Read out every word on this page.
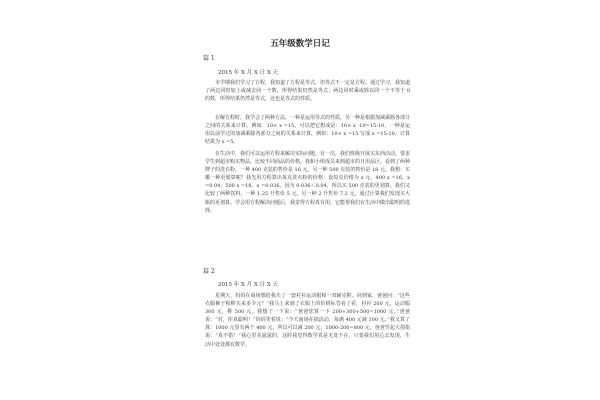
五年级数学日记
篇 1
2015 年 X 月 X 日 X 天

本学期我们学习了方程，我知道了方程是等式，但等式不一定是方程。通过学习，我知道了两边同时加上或减去同一个数，所得结果仍然是等式；两边同时乘或除以同一个不等于 0 的数，所得结果仍然是等式，这也是等式的性质。

在解方程时，我学会了两种方法，一种是运用等式的性质，另一种是根据加减乘除各部分之间的关系来计算。例如：10× x =15，可以把它想成是：10× x -10=15-10，一种是运用以前学过的加减乘除各部分之间的关系来计算，例如：10× x =15 写成 x =15-10，计算结果为 x =5。

在生活中，我们可以运用方程来解决实际问题。有一次，我们班级开展买东西活动，要求学生到超市购买物品，比较不同商品的价格。我和小组成员来到超市的日用品区，看到了两种牌子的洗衣粉，一种 400 克装的售价是 16 元，另一种 500 克装的售价是 18 元。我想：买哪一种更划算呢？我先用方程算出每克洗衣粉的价格：设每克价格为 x 元，400 x =16，x =0.04；500 x =18，x =0.036。因为 0.036＜0.04，所以买 500 克装的更划算。我们又比较了两种饮料，一种 1.25 升售价 5 元，另一种 2 升售价 7.2 元，通过计算我们发现买大瓶的更划算。学会用方程解决问题后，我觉得方程真有用，它能帮我们在生活中做出聪明的选择。

篇 2
2015 年 X 月 X 日 X 天

星期天，妈妈在商场想给我买了一套衬衫运动服和一双耐克鞋。回到家，爸爸问：“这些衣服裤子和鞋买来多少元？”我马上来到了衣服上的价格标签看了看，衬衫 200 元，运动服 300 元，鞋 500 元。我想了一下说：“爸爸您算一下 200+300+500=1000 元。”爸爸说：“对，你真聪明！”妈妈笑着说：“今天商场在搞活动，每满 400 元减 100 元。”我又算了算：1000 元里有两个 400 元，所以可以减 200 元，1000-200=800 元。爸爸竖起大拇指说：“真不错！”我心里美滋滋的，这时我觉得数学真是无处不在，只要我们用心去发现，生活中处处都有数学。
